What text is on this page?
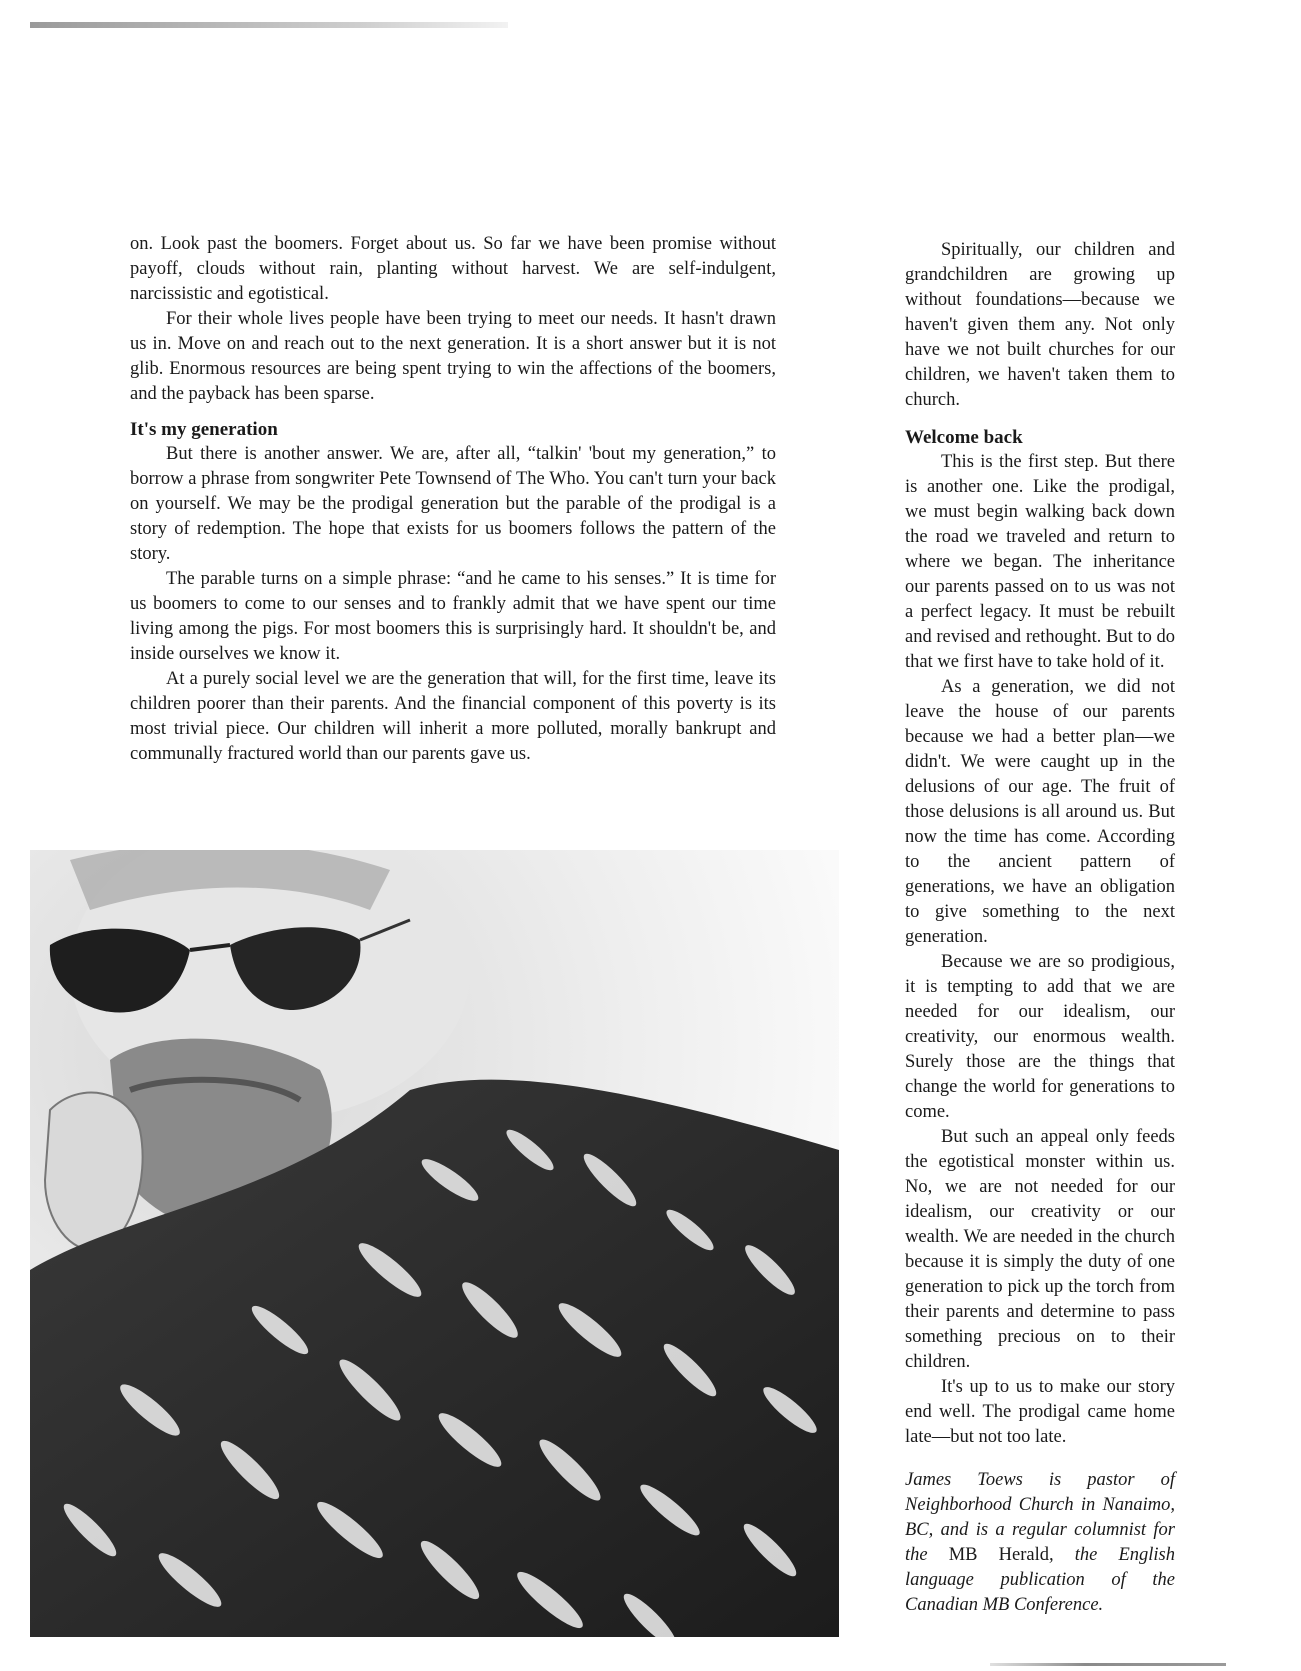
on. Look past the boomers. Forget about us. So far we have been promise without payoff, clouds without rain, planting without harvest. We are self-indulgent, narcissistic and egotistical.

For their whole lives people have been trying to meet our needs. It hasn't drawn us in. Move on and reach out to the next generation. It is a short answer but it is not glib. Enormous resources are being spent trying to win the affections of the boomers, and the payback has been sparse.

It's my generation

But there is another answer. We are, after all, “talkin' 'bout my generation,” to borrow a phrase from songwriter Pete Townsend of The Who. You can't turn your back on yourself. We may be the prodigal generation but the parable of the prodigal is a story of redemption. The hope that exists for us boomers follows the pattern of the story.

The parable turns on a simple phrase: “and he came to his senses.” It is time for us boomers to come to our senses and to frankly admit that we have spent our time living among the pigs. For most boomers this is surprisingly hard. It shouldn't be, and inside ourselves we know it.

At a purely social level we are the generation that will, for the first time, leave its children poorer than their parents. And the financial component of this poverty is its most trivial piece. Our children will inherit a more polluted, morally bankrupt and communally fractured world than our parents gave us.

Spiritually, our children and grandchildren are growing up without foundations—because we haven't given them any. Not only have we not built churches for our children, we haven't taken them to church.

Welcome back

This is the first step. But there is another one. Like the prodigal, we must begin walking back down the road we traveled and return to where we began. The inheritance our parents passed on to us was not a perfect legacy. It must be rebuilt and revised and rethought. But to do that we first have to take hold of it.

As a generation, we did not leave the house of our parents because we had a better plan—we didn't. We were caught up in the delusions of our age. The fruit of those delusions is all around us. But now the time has come. According to the ancient pattern of generations, we have an obligation to give something to the next generation.

Because we are so prodigious, it is tempting to add that we are needed for our idealism, our creativity, our enormous wealth. Surely those are the things that change the world for generations to come.

But such an appeal only feeds the egotistical monster within us. No, we are not needed for our idealism, our creativity or our wealth. We are needed in the church because it is simply the duty of one generation to pick up the torch from their parents and determine to pass something precious on to their children.

It's up to us to make our story end well. The prodigal came home late—but not too late.

James Toews is pastor of Neighborhood Church in Nanaimo, BC, and is a regular columnist for the MB Herald, the English language publication of the Canadian MB Conference.
